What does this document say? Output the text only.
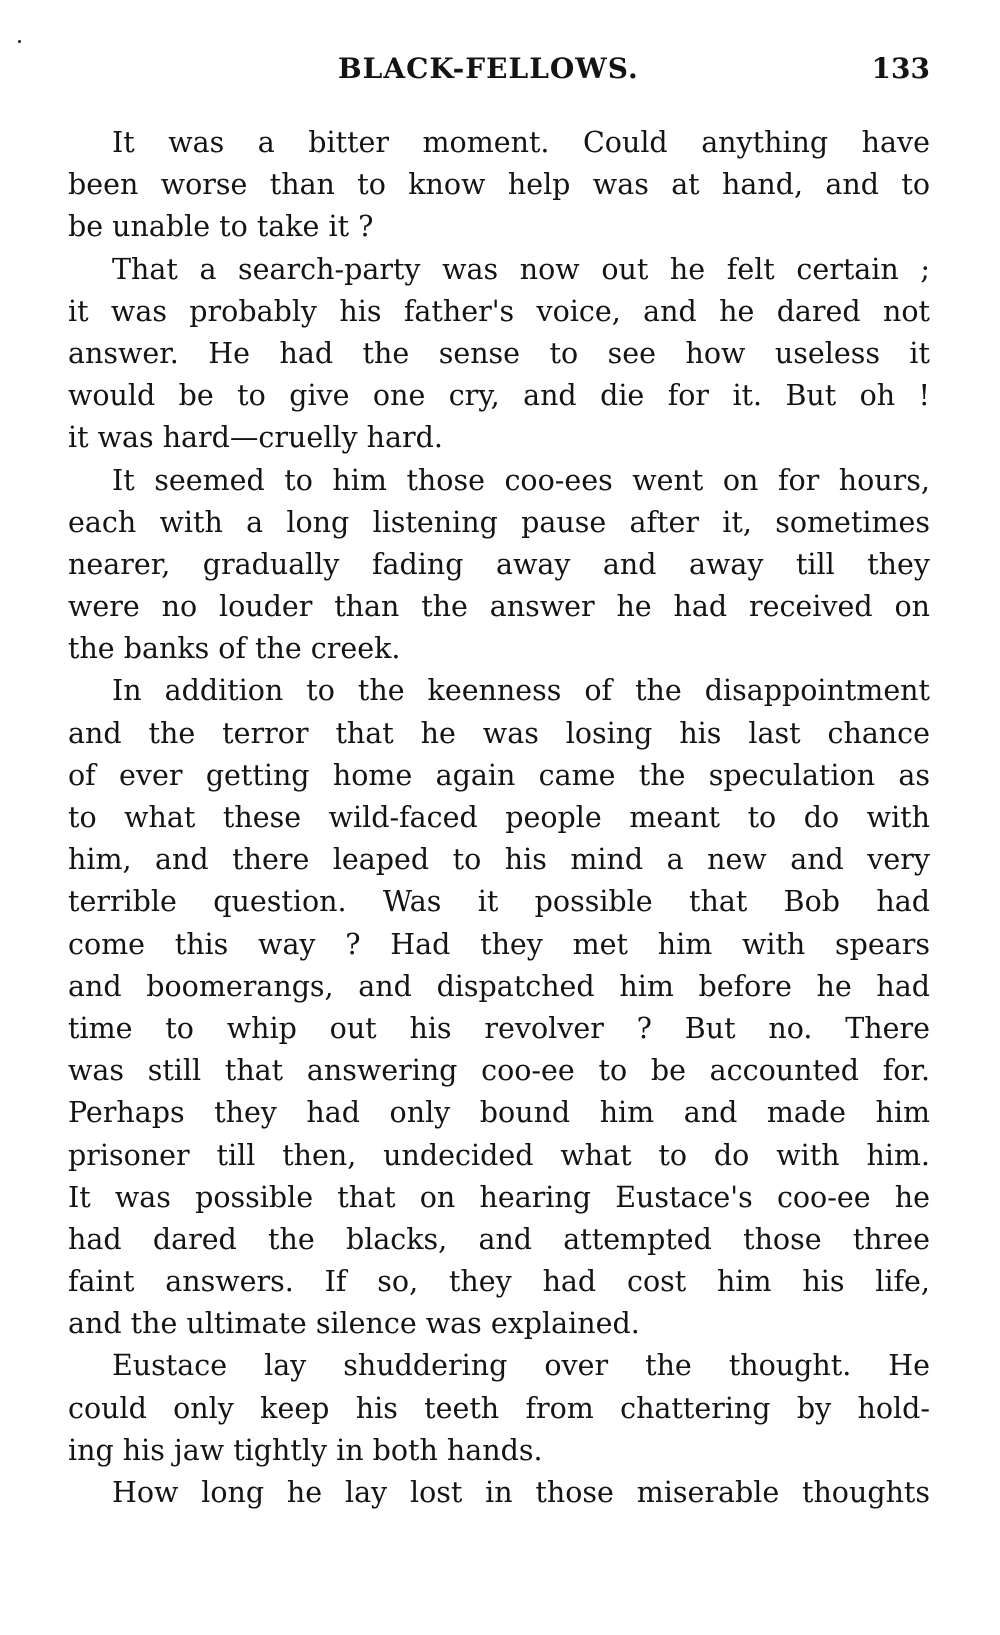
BLACK-FELLOWS.	133
It was a bitter moment. Could anything have
been worse than to know help was at hand, and to
be unable to take it ?
That a search-party was now out he felt certain ;
it was probably his father's voice, and he dared not
answer. He had the sense to see how useless it
would be to give one cry, and die for it. But oh !
it was hard—cruelly hard.
It seemed to him those coo-ees went on for hours,
each with a long listening pause after it, sometimes
nearer, gradually fading away and away till they
were no louder than the answer he had received on
the banks of the creek.
In addition to the keenness of the disappointment
and the terror that he was losing his last chance
of ever getting home again came the speculation as
to what these wild-faced people meant to do with
him, and there leaped to his mind a new and very
terrible question. Was it possible that Bob had
come this way ? Had they met him with spears
and boomerangs, and dispatched him before he had
time to whip out his revolver ? But no. There
was still that answering coo-ee to be accounted for.
Perhaps they had only bound him and made him
prisoner till then, undecided what to do with him.
It was possible that on hearing Eustace's coo-ee he
had dared the blacks, and attempted those three
faint answers. If so, they had cost him his life,
and the ultimate silence was explained.
Eustace lay shuddering over the thought. He
could only keep his teeth from chattering by hold-
ing his jaw tightly in both hands.
How long he lay lost in those miserable thoughts
